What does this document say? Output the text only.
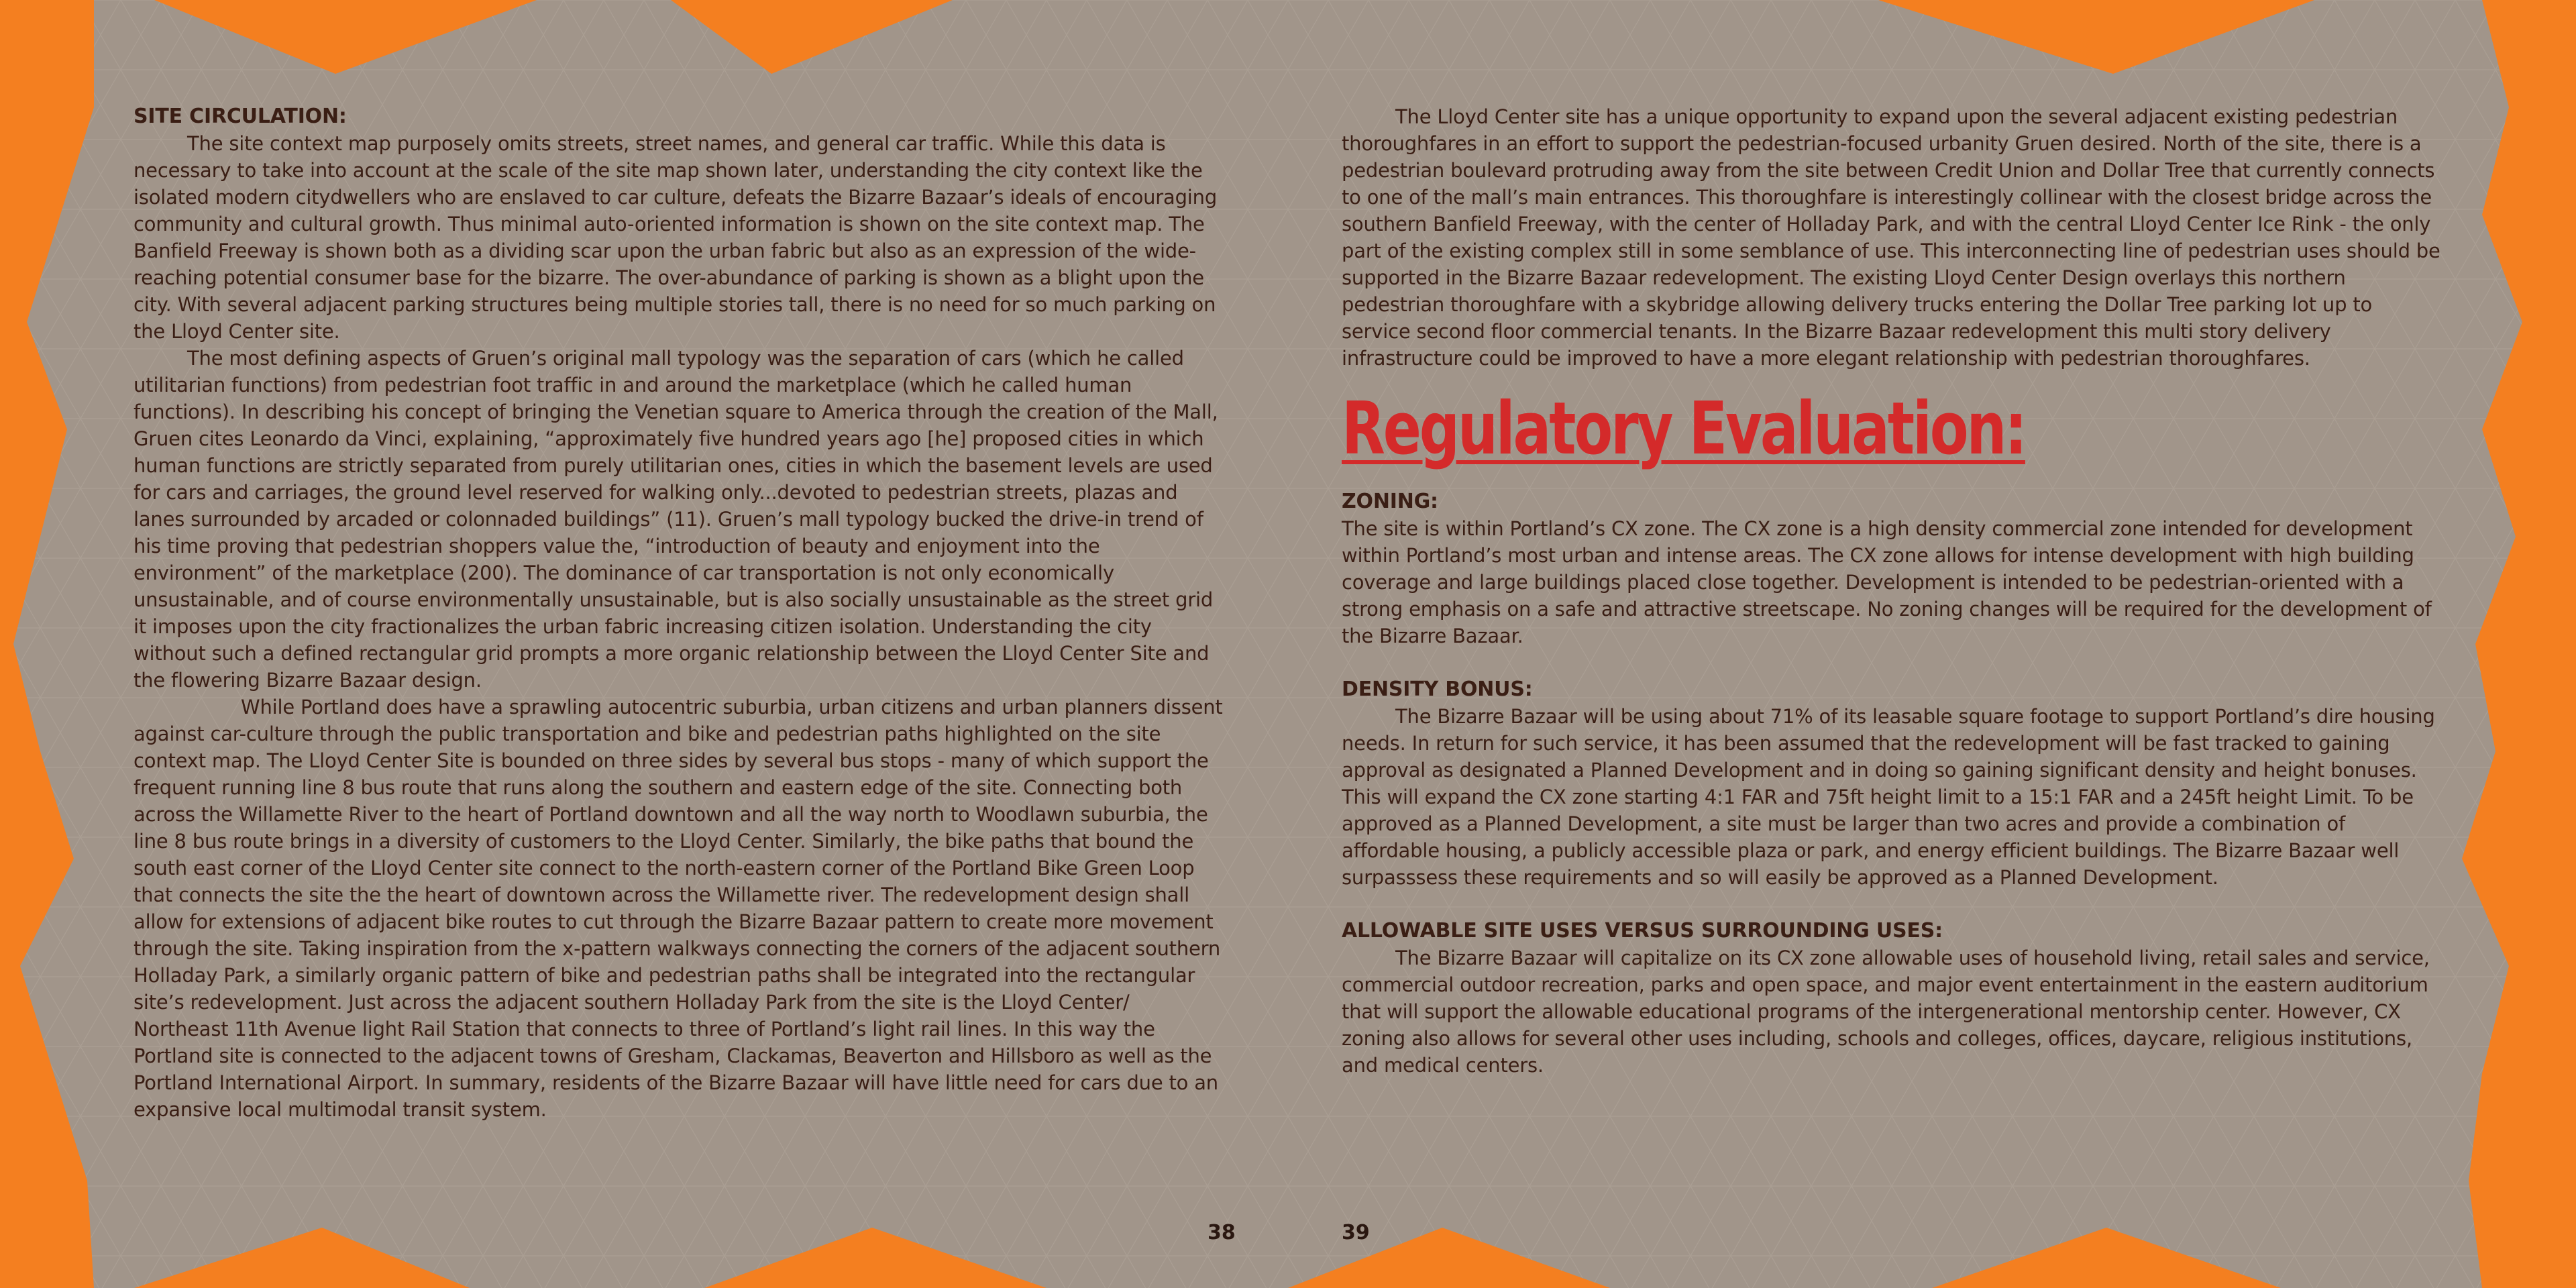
SITE CIRCULATION:

The site context map purposely omits streets, street names, and general car traffic. While this data is necessary to take into account at the scale of the site map shown later, understanding the city context like the isolated modern citydwellers who are enslaved to car culture, defeats the Bizarre Bazaar’s ideals of encouraging community and cultural growth. Thus minimal auto-oriented information is shown on the site context map. The Banfield Freeway is shown both as a dividing scar upon the urban fabric but also as an expression of the wide-reaching potential consumer base for the bizarre. The over-abundance of parking is shown as a blight upon the city. With several adjacent parking structures being multiple stories tall, there is no need for so much parking on the Lloyd Center site.

The most defining aspects of Gruen’s original mall typology was the separation of cars (which he called utilitarian functions) from pedestrian foot traffic in and around the marketplace (which he called human functions). In describing his concept of bringing the Venetian square to America through the creation of the Mall, Gruen cites Leonardo da Vinci, explaining, “approximately five hundred years ago [he] proposed cities in which human functions are strictly separated from purely utilitarian ones, cities in which the basement levels are used for cars and carriages, the ground level reserved for walking only...devoted to pedestrian streets, plazas and lanes surrounded by arcaded or colonnaded buildings” (11). Gruen’s mall typology bucked the drive-in trend of his time proving that pedestrian shoppers value the, “introduction of beauty and enjoyment into the environment” of the marketplace (200). The dominance of car transportation is not only economically unsustainable, and of course environmentally unsustainable, but is also socially unsustainable as the street grid it imposes upon the city fractionalizes the urban fabric increasing citizen isolation. Understanding the city without such a defined rectangular grid prompts a more organic relationship between the Lloyd Center Site and the flowering Bizarre Bazaar design.

While Portland does have a sprawling autocentric suburbia, urban citizens and urban planners dissent against car-culture through the public transportation and bike and pedestrian paths highlighted on the site context map. The Lloyd Center Site is bounded on three sides by several bus stops - many of which support the frequent running line 8 bus route that runs along the southern and eastern edge of the site. Connecting both across the Willamette River to the heart of Portland downtown and all the way north to Woodlawn suburbia, the line 8 bus route brings in a diversity of customers to the Lloyd Center. Similarly, the bike paths that bound the south east corner of the Lloyd Center site connect to the north-eastern corner of the Portland Bike Green Loop that connects the site the the heart of downtown across the Willamette river. The redevelopment design shall allow for extensions of adjacent bike routes to cut through the Bizarre Bazaar pattern to create more movement through the site. Taking inspiration from the x-pattern walkways connecting the corners of the adjacent southern Holladay Park, a similarly organic pattern of bike and pedestrian paths shall be integrated into the rectangular site’s redevelopment. Just across the adjacent southern Holladay Park from the site is the Lloyd Center/ Northeast 11th Avenue light Rail Station that connects to three of Portland’s light rail lines. In this way the Portland site is connected to the adjacent towns of Gresham, Clackamas, Beaverton and Hillsboro as well as the Portland International Airport. In summary, residents of the Bizarre Bazaar will have little need for cars due to an expansive local multimodal transit system.

The Lloyd Center site has a unique opportunity to expand upon the several adjacent existing pedestrian thoroughfares in an effort to support the pedestrian-focused urbanity Gruen desired. North of the site, there is a pedestrian boulevard protruding away from the site between Credit Union and Dollar Tree that currently connects to one of the mall’s main entrances. This thoroughfare is interestingly collinear with the closest bridge across the southern Banfield Freeway, with the center of Holladay Park, and with the central Lloyd Center Ice Rink - the only part of the existing complex still in some semblance of use. This interconnecting line of pedestrian uses should be supported in the Bizarre Bazaar redevelopment. The existing Lloyd Center Design overlays this northern pedestrian thoroughfare with a skybridge allowing delivery trucks entering the Dollar Tree parking lot up to service second floor commercial tenants. In the Bizarre Bazaar redevelopment this multi story delivery infrastructure could be improved to have a more elegant relationship with pedestrian thoroughfares.

Regulatory Evaluation:

ZONING:

The site is within Portland’s CX zone. The CX zone is a high density commercial zone intended for development within Portland’s most urban and intense areas. The CX zone allows for intense development with high building coverage and large buildings placed close together. Development is intended to be pedestrian-oriented with a strong emphasis on a safe and attractive streetscape. No zoning changes will be required for the development of the Bizarre Bazaar.

DENSITY BONUS:

The Bizarre Bazaar will be using about 71% of its leasable square footage to support Portland’s dire housing needs. In return for such service, it has been assumed that the redevelopment will be fast tracked to gaining approval as designated a Planned Development and in doing so gaining significant density and height bonuses. This will expand the CX zone starting 4:1 FAR and 75ft height limit to a 15:1 FAR and a 245ft height Limit. To be approved as a Planned Development, a site must be larger than two acres and provide a combination of affordable housing, a publicly accessible plaza or park, and energy efficient buildings. The Bizarre Bazaar well surpasssess these requirements and so will easily be approved as a Planned Development.

ALLOWABLE SITE USES VERSUS SURROUNDING USES:

The Bizarre Bazaar will capitalize on its CX zone allowable uses of household living, retail sales and service, commercial outdoor recreation, parks and open space, and major event entertainment in the eastern auditorium that will support the allowable educational programs of the intergenerational mentorship center. However, CX zoning also allows for several other uses including, schools and colleges, offices, daycare, religious institutions, and medical centers.

38	39
